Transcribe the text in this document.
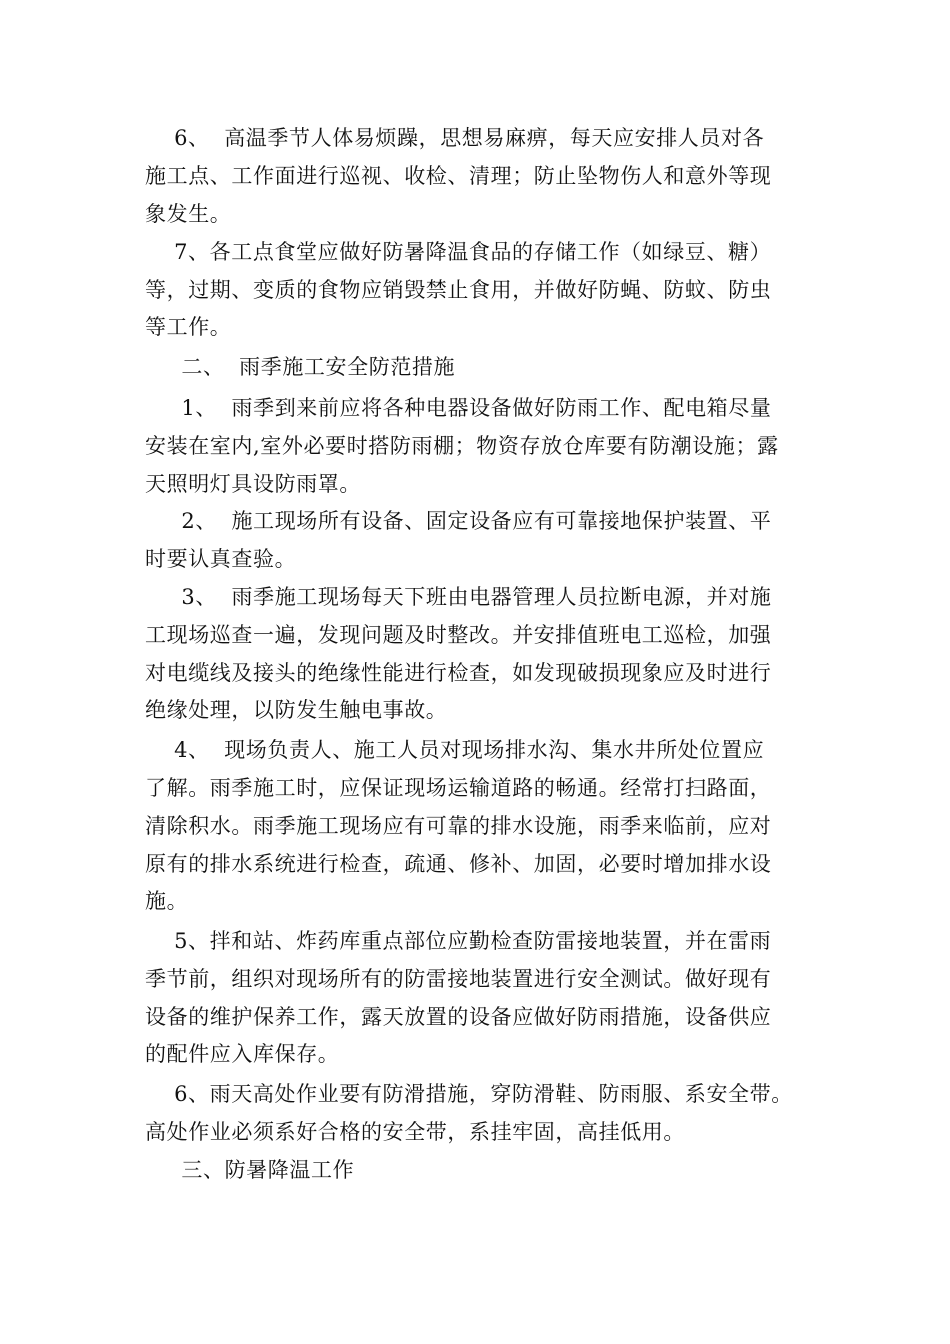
6、  高温季节人体易烦躁，思想易麻痹，每天应安排人员对各
施工点、工作面进行巡视、收检、清理；防止坠物伤人和意外等现
象发生。
7、各工点食堂应做好防暑降温食品的存储工作（如绿豆、糖）
等，过期、变质的食物应销毁禁止食用，并做好防蝇、防蚊、防虫
等工作。
二、  雨季施工安全防范措施
1、  雨季到来前应将各种电器设备做好防雨工作、配电箱尽量
安装在室内,室外必要时搭防雨棚；物资存放仓库要有防潮设施；露
天照明灯具设防雨罩。
2、  施工现场所有设备、固定设备应有可靠接地保护装置、平
时要认真查验。
3、  雨季施工现场每天下班由电器管理人员拉断电源，并对施
工现场巡查一遍，发现问题及时整改。并安排值班电工巡检，加强
对电缆线及接头的绝缘性能进行检查，如发现破损现象应及时进行
绝缘处理，以防发生触电事故。
4、  现场负责人、施工人员对现场排水沟、集水井所处位置应
了解。雨季施工时，应保证现场运输道路的畅通。经常打扫路面，
清除积水。雨季施工现场应有可靠的排水设施，雨季来临前，应对
原有的排水系统进行检查，疏通、修补、加固，必要时增加排水设
施。
5、拌和站、炸药库重点部位应勤检查防雷接地装置，并在雷雨
季节前，组织对现场所有的防雷接地装置进行安全测试。做好现有
设备的维护保养工作，露天放置的设备应做好防雨措施，设备供应
的配件应入库保存。
6、雨天高处作业要有防滑措施，穿防滑鞋、防雨服、系安全带。
高处作业必须系好合格的安全带，系挂牢固，高挂低用。
三、防暑降温工作
